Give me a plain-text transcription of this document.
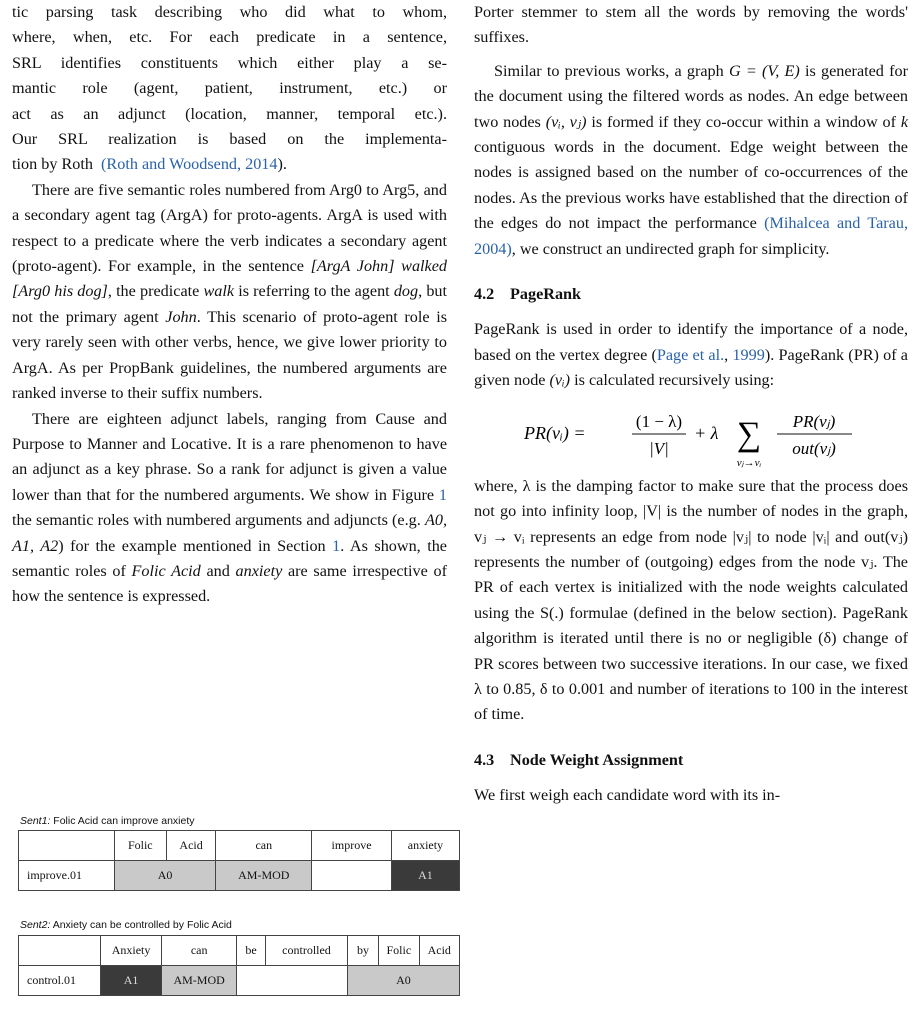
tic parsing task describing who did what to whom,
where, when, etc. For each predicate in a sentence,
SRL identifies constituents which either play a se-
mantic role (agent, patient, instrument, etc.) or
act as an adjunct (location, manner, temporal etc.).
Our SRL realization is based on the implementa-
tion by Roth (Roth and Woodsend, 2014).

There are five semantic roles numbered from Arg0 to Arg5, and a secondary agent tag (ArgA) for proto-agents. ArgA is used with respect to a predicate where the verb indicates a secondary agent (proto-agent). For example, in the sentence [ArgA John] walked [Arg0 his dog], the predicate walk is referring to the agent dog, but not the primary agent John. This scenario of proto-agent role is very rarely seen with other verbs, hence, we give lower priority to ArgA. As per PropBank guidelines, the numbered arguments are ranked inverse to their suffix numbers.

There are eighteen adjunct labels, ranging from Cause and Purpose to Manner and Locative. It is a rare phenomenon to have an adjunct as a key phrase. So a rank for adjunct is given a value lower than that for the numbered arguments. We show in Figure 1 the semantic roles with numbered arguments and adjuncts (e.g. A0, A1, A2) for the example mentioned in Section 1. As shown, the semantic roles of Folic Acid and anxiety are same irrespective of how the sentence is expressed.

Sent1: Folic Acid can improve anxiety
	Folic	Acid	can	improve	anxiety
improve.01	A0		AM-MOD		A1
Sent2: Anxiety can be controlled by Folic Acid
	Anxiety	can	be	controlled	by	Folic	Acid
control.01	A1	AM-MOD			A0		

Porter stemmer to stem all the words by removing the words' suffixes.

Similar to previous works, a graph G = (V, E) is generated for the document using the filtered words as nodes. An edge between two nodes (vᵢ, vⱼ) is formed if they co-occur within a window of k contiguous words in the document. Edge weight between the nodes is assigned based on the number of co-occurrences of the nodes. As the previous works have established that the direction of the edges do not impact the performance (Mihalcea and Tarau, 2004), we construct an undirected graph for simplicity.

4.2 PageRank

PageRank is used in order to identify the importance of a node, based on the vertex degree (Page et al., 1999). PageRank (PR) of a given node (vᵢ) is calculated recursively using:

PR(vᵢ) =
(1 − λ)
|V|
+ λ ∑
vⱼ→vᵢ
PR(vⱼ)
out(vⱼ)

where, λ is the damping factor to make sure that the process does not go into infinity loop, |V| is the number of nodes in the graph, vⱼ → vᵢ represents an edge from node |vⱼ| to node |vᵢ| and out(vⱼ) represents the number of (outgoing) edges from the node vⱼ. The PR of each vertex is initialized with the node weights calculated using the S(.) formulae (defined in the below section). PageRank algorithm is iterated until there is no or negligible (δ) change of PR scores between two successive iterations. In our case, we fixed λ to 0.85, δ to 0.001 and number of iterations to 100 in the interest of time.

4.3 Node Weight Assignment

We first weigh each candidate word with its in-
